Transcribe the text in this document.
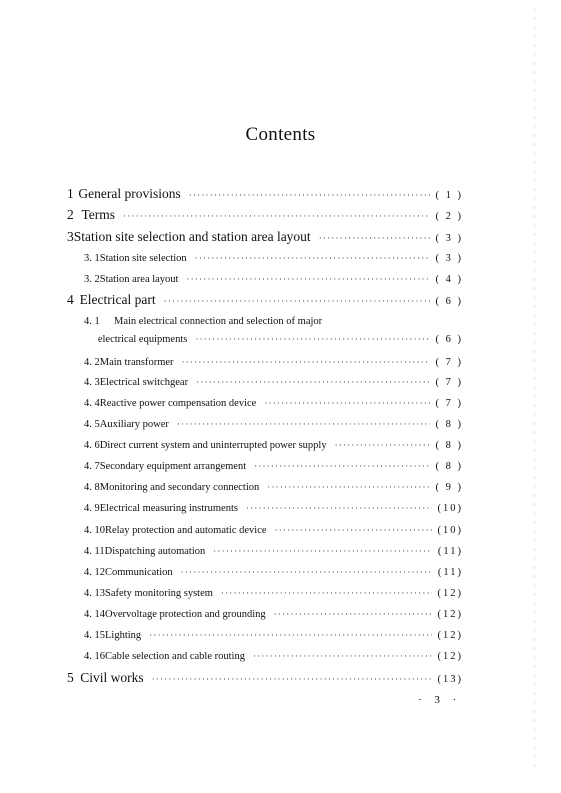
Contents
1 General provisions ·····	( 1 )
2 Terms ·····	( 2 )
3 Station site selection and station area layout ·····	( 3 )
3. 1 Station site selection ·····	( 3 )
3. 2 Station area layout ·····	( 4 )
4 Electrical part ·····	( 6 )
4. 1	Main electrical connection and selection of major
electrical equipments ·····	( 6 )
4. 2 Main transformer ·····	( 7 )
4. 3 Electrical switchgear ·····	( 7 )
4. 4 Reactive power compensation device ·····	( 7 )
4. 5 Auxiliary power ·····	( 8 )
4. 6 Direct current system and uninterrupted power supply ·····	( 8 )
4. 7 Secondary equipment arrangement ·····	( 8 )
4. 8 Monitoring and secondary connection ·····	( 9 )
4. 9 Electrical measuring instruments ·····	(10)
4. 10 Relay protection and automatic device ·····	(10)
4. 11 Dispatching automation ·····	(11)
4. 12 Communication ·····	(11)
4. 13 Safety monitoring system ·····	(12)
4. 14 Overvoltage protection and grounding ·····	(12)
4. 15 Lighting ·····	(12)
4. 16 Cable selection and cable routing ·····	(12)
5 Civil works ·····	(13)
· 3 ·
